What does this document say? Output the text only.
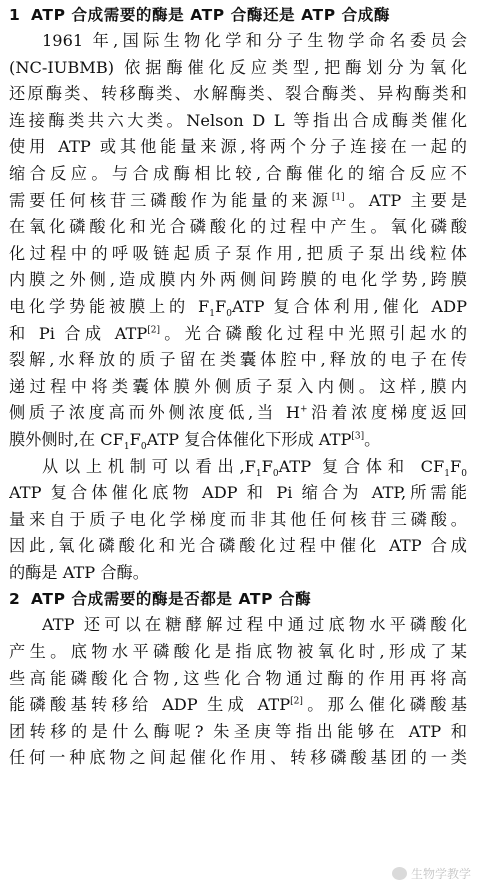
1 ATP 合成需要的酶是 ATP 合酶还是 ATP 合成酶
1961 年,国际生物化学和分子生物学命名委员会
(NC-IUBMB) 依据酶催化反应类型,把酶划分为氧化
还原酶类、转移酶类、水解酶类、裂合酶类、异构酶类和
连接酶类共六大类。Nelson D L 等指出合成酶类催化
使用 ATP 或其他能量来源,将两个分子连接在一起的
缩合反应。与合成酶相比较,合酶催化的缩合反应不
需要任何核苷三磷酸作为能量的来源[1]。ATP 主要是
在氧化磷酸化和光合磷酸化的过程中产生。氧化磷酸
化过程中的呼吸链起质子泵作用,把质子泵出线粒体
内膜之外侧,造成膜内外两侧间跨膜的电化学势,跨膜
电化学势能被膜上的 $F_1F_0ATP$ 复合体利用,催化 ADP
和 Pi 合成 ATP[2]。光合磷酸化过程中光照引起水的
裂解,水释放的质子留在类囊体腔中,释放的电子在传
递过程中将类囊体膜外侧质子泵入内侧。这样,膜内
侧质子浓度高而外侧浓度低,当 H+沿着浓度梯度返回
膜外侧时,在 $CF_1F_0ATP$ 复合体催化下形成 ATP[3]。
从以上机制可以看出$,F_1F_0ATP$ 复合体和 $CF_1F_0$
ATP 复合体催化底物 ADP 和 Pi 缩合为 ATP,所需能
量来自于质子电化学梯度而非其他任何核苷三磷酸。
因此,氧化磷酸化和光合磷酸化过程中催化 ATP 合成
的酶是 ATP 合酶。
2 ATP 合成需要的酶是否都是 ATP 合酶
ATP 还可以在糖酵解过程中通过底物水平磷酸化
产生。底物水平磷酸化是指底物被氧化时,形成了某
些高能磷酸化合物,这些化合物通过酶的作用再将高
能磷酸基转移给 ADP 生成 ATP[2]。那么催化磷酸基
团转移的是什么酶呢? 朱圣庚等指出能够在 ATP 和
任何一种底物之间起催化作用、转移磷酸基团的一类
生物学教学
